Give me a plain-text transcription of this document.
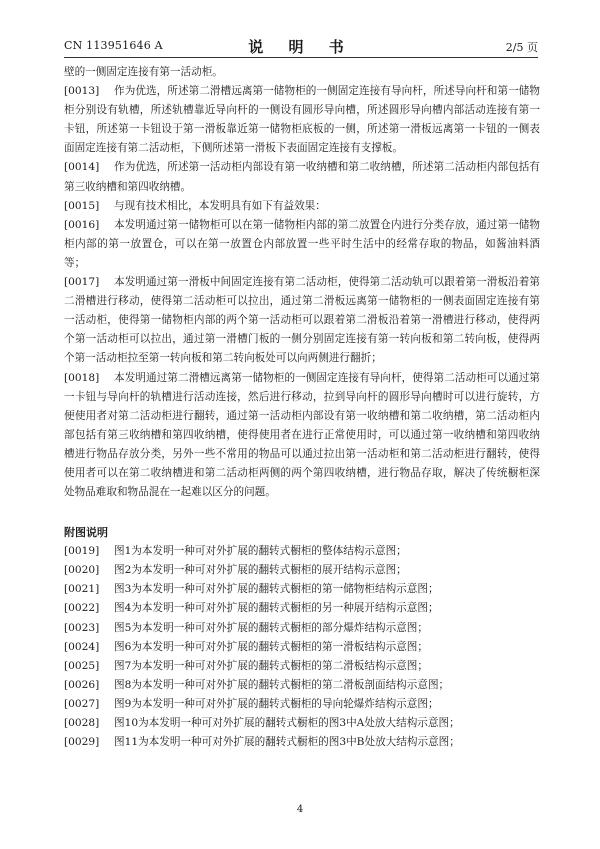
CN 113951646 A	说 明 书	2/5 页

壁的一侧固定连接有第一活动柜。

[0013] 作为优选，所述第二滑槽远离第一储物柜的一侧固定连接有导向杆，所述导向杆和第一储物柜分别设有轨槽，所述轨槽靠近导向杆的一侧设有圆形导向槽，所述圆形导向槽内部活动连接有第一卡钮，所述第一卡钮设于第一滑板靠近第一储物柜底板的一侧，所述第一滑板远离第一卡钮的一侧表面固定连接有第二活动柜，下侧所述第一滑板下表面固定连接有支撑板。

[0014] 作为优选，所述第一活动柜内部设有第一收纳槽和第二收纳槽，所述第二活动柜内部包括有第三收纳槽和第四收纳槽。

[0015] 与现有技术相比，本发明具有如下有益效果：

[0016] 本发明通过第一储物柜可以在第一储物柜内部的第二放置仓内进行分类存放，通过第一储物柜内部的第一放置仓，可以在第一放置仓内部放置一些平时生活中的经常存取的物品，如酱油料酒等；

[0017] 本发明通过第一滑板中间固定连接有第二活动柜，使得第二活动轨可以跟着第一滑板沿着第二滑槽进行移动，使得第二活动柜可以拉出，通过第二滑板远离第一储物柜的一侧表面固定连接有第一活动柜，使得第一储物柜内部的两个第一活动柜可以跟着第二滑板沿着第一滑槽进行移动，使得两个第一活动柜可以拉出，通过第一滑槽门板的一侧分别固定连接有第一转向板和第二转向板，使得两个第一活动柜拉至第一转向板和第二转向板处可以向两侧进行翻折；

[0018] 本发明通过第二滑槽远离第一储物柜的一侧固定连接有导向杆，使得第二活动柜可以通过第一卡钮与导向杆的轨槽进行活动连接，然后进行移动，拉到导向杆的圆形导向槽时可以进行旋转，方便使用者对第二活动柜进行翻转，通过第一活动柜内部设有第一收纳槽和第二收纳槽，第二活动柜内部包括有第三收纳槽和第四收纳槽，使得使用者在进行正常使用时，可以通过第一收纳槽和第四收纳槽进行物品存放分类，另外一些不常用的物品可以通过拉出第一活动柜和第二活动柜进行翻转，使得使用者可以在第二收纳槽进和第二活动柜两侧的两个第四收纳槽，进行物品存取，解决了传统橱柜深处物品难取和物品混在一起难以区分的问题。

附图说明

[0019] 图1为本发明一种可对外扩展的翻转式橱柜的整体结构示意图；

[0020] 图2为本发明一种可对外扩展的翻转式橱柜的展开结构示意图；

[0021] 图3为本发明一种可对外扩展的翻转式橱柜的第一储物柜结构示意图；

[0022] 图4为本发明一种可对外扩展的翻转式橱柜的另一种展开结构示意图；

[0023] 图5为本发明一种可对外扩展的翻转式橱柜的部分爆炸结构示意图；

[0024] 图6为本发明一种可对外扩展的翻转式橱柜的第一滑板结构示意图；

[0025] 图7为本发明一种可对外扩展的翻转式橱柜的第二滑板结构示意图；

[0026] 图8为本发明一种可对外扩展的翻转式橱柜的第二滑板剖面结构示意图；

[0027] 图9为本发明一种可对外扩展的翻转式橱柜的导向轮爆炸结构示意图；

[0028] 图10为本发明一种可对外扩展的翻转式橱柜的图3中A处放大结构示意图；

[0029] 图11为本发明一种可对外扩展的翻转式橱柜的图3中B处放大结构示意图；

4
